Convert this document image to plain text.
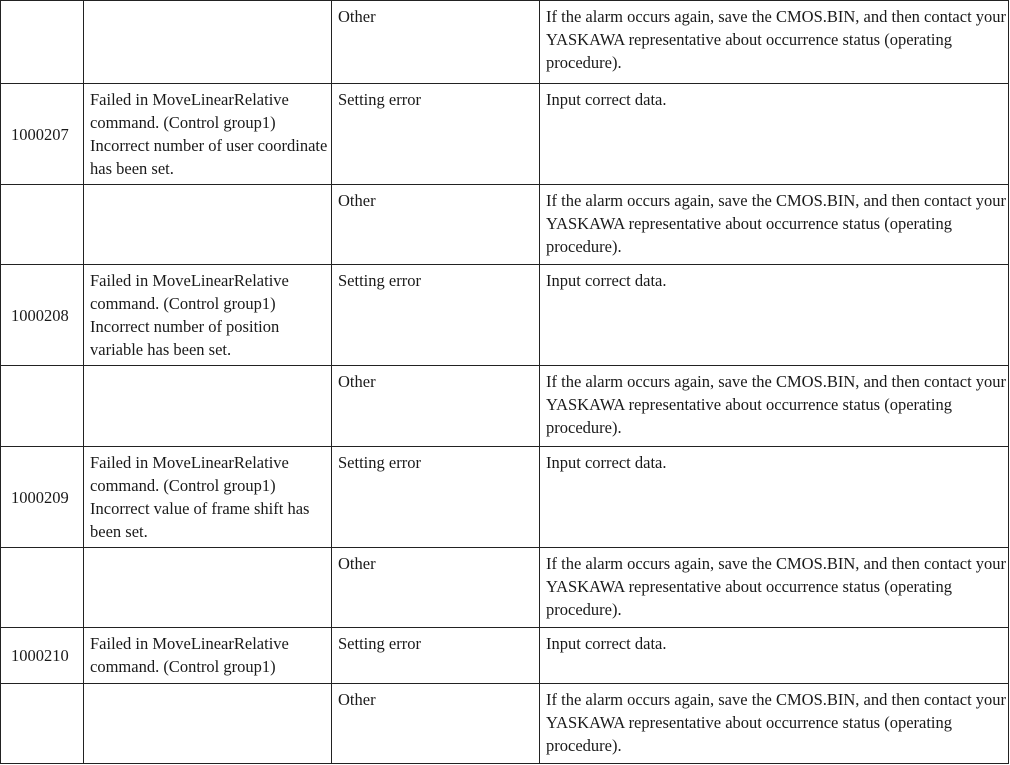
		Other	If the alarm occurs again, save the CMOS.BIN, and then contact your YASKAWA representative about occurrence status (operating procedure).
1000207	Failed in MoveLinearRelative command. (Control group1) Incorrect number of user coordinate has been set.	Setting error	Input correct data.
		Other	If the alarm occurs again, save the CMOS.BIN, and then contact your YASKAWA representative about occurrence status (operating procedure).
1000208	Failed in MoveLinearRelative command. (Control group1) Incorrect number of position variable has been set.	Setting error	Input correct data.
		Other	If the alarm occurs again, save the CMOS.BIN, and then contact your YASKAWA representative about occurrence status (operating procedure).
1000209	Failed in MoveLinearRelative command. (Control group1) Incorrect value of frame shift has been set.	Setting error	Input correct data.
		Other	If the alarm occurs again, save the CMOS.BIN, and then contact your YASKAWA representative about occurrence status (operating procedure).
1000210	Failed in MoveLinearRelative command. (Control group1)	Setting error	Input correct data.
		Other	If the alarm occurs again, save the CMOS.BIN, and then contact your YASKAWA representative about occurrence status (operating procedure).
